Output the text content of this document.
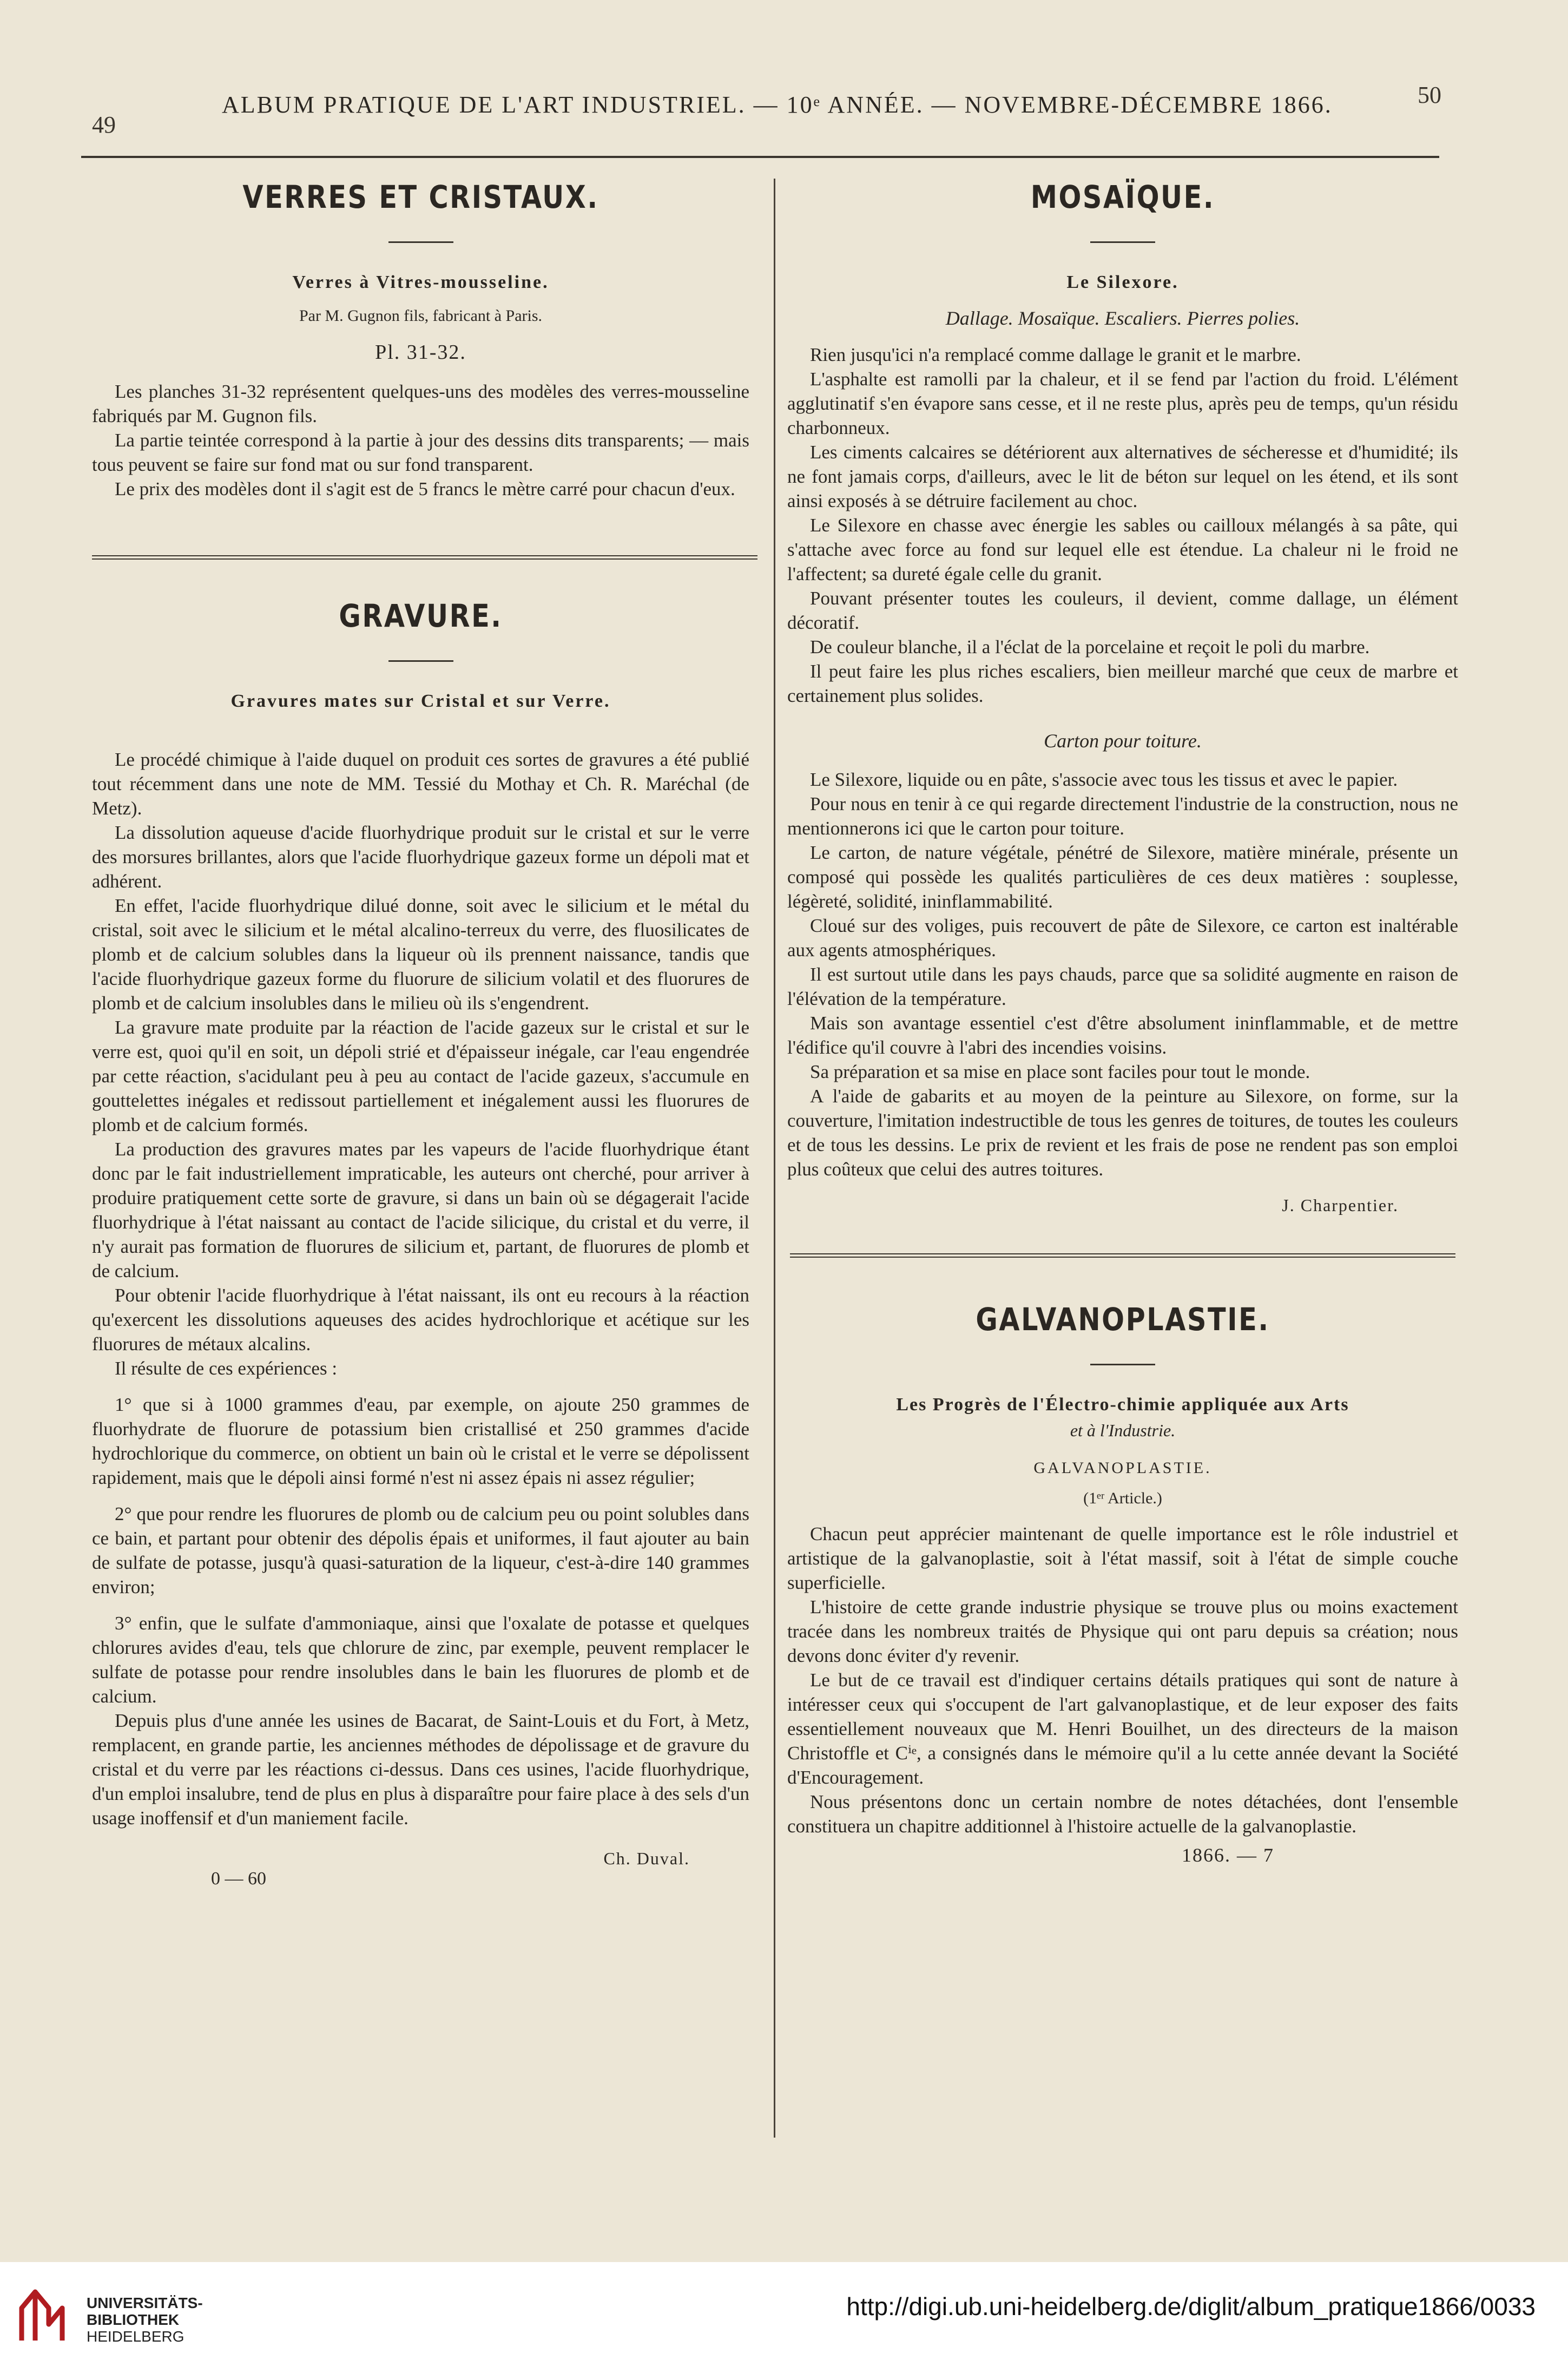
49
ALBUM PRATIQUE DE L'ART INDUSTRIEL. — 10ᵉ ANNÉE. — NOVEMBRE-DÉCEMBRE 1866.	50
VERRES ET CRISTAUX.
Verres à Vitres-mousseline.
Par M. Gugnon fils, fabricant à Paris.
Pl. 31-32.

Les planches 31-32 représentent quelques-uns des modèles des verres-mousseline fabriqués par M. Gugnon fils.

La partie teintée correspond à la partie à jour des dessins dits transparents; — mais tous peuvent se faire sur fond mat ou sur fond transparent.

Le prix des modèles dont il s'agit est de 5 francs le mètre carré pour chacun d'eux.

GRAVURE.
Gravures mates sur Cristal et sur Verre.

Le procédé chimique à l'aide duquel on produit ces sortes de gravures a été publié tout récemment dans une note de MM. Tessié du Mothay et Ch. R. Maréchal (de Metz).

La dissolution aqueuse d'acide fluorhydrique produit sur le cristal et sur le verre des morsures brillantes, alors que l'acide fluorhydrique gazeux forme un dépoli mat et adhérent.

En effet, l'acide fluorhydrique dilué donne, soit avec le silicium et le métal du cristal, soit avec le silicium et le métal alcalino-terreux du verre, des fluosilicates de plomb et de calcium solubles dans la liqueur où ils prennent naissance, tandis que l'acide fluorhydrique gazeux forme du fluorure de silicium volatil et des fluorures de plomb et de calcium insolubles dans le milieu où ils s'engendrent.

La gravure mate produite par la réaction de l'acide gazeux sur le cristal et sur le verre est, quoi qu'il en soit, un dépoli strié et d'épaisseur inégale, car l'eau engendrée par cette réaction, s'acidulant peu à peu au contact de l'acide gazeux, s'accumule en gouttelettes inégales et redissout partiellement et inégalement aussi les fluorures de plomb et de calcium formés.

La production des gravures mates par les vapeurs de l'acide fluorhydrique étant donc par le fait industriellement impraticable, les auteurs ont cherché, pour arriver à produire pratiquement cette sorte de gravure, si dans un bain où se dégagerait l'acide fluorhydrique à l'état naissant au contact de l'acide silicique, du cristal et du verre, il n'y aurait pas formation de fluorures de silicium et, partant, de fluorures de plomb et de calcium.

Pour obtenir l'acide fluorhydrique à l'état naissant, ils ont eu recours à la réaction qu'exercent les dissolutions aqueuses des acides hydrochlorique et acétique sur les fluorures de métaux alcalins.

Il résulte de ces expériences :

1° que si à 1000 grammes d'eau, par exemple, on ajoute 250 grammes de fluorhydrate de fluorure de potassium bien cristallisé et 250 grammes d'acide hydrochlorique du commerce, on obtient un bain où le cristal et le verre se dépolissent rapidement, mais que le dépoli ainsi formé n'est ni assez épais ni assez régulier;

2° que pour rendre les fluorures de plomb ou de calcium peu ou point solubles dans ce bain, et partant pour obtenir des dépolis épais et uniformes, il faut ajouter au bain de sulfate de potasse, jusqu'à quasi-saturation de la liqueur, c'est-à-dire 140 grammes environ;

3° enfin, que le sulfate d'ammoniaque, ainsi que l'oxalate de potasse et quelques chlorures avides d'eau, tels que chlorure de zinc, par exemple, peuvent remplacer le sulfate de potasse pour rendre insolubles dans le bain les fluorures de plomb et de calcium.

Depuis plus d'une année les usines de Bacarat, de Saint-Louis et du Fort, à Metz, remplacent, en grande partie, les anciennes méthodes de dépolissage et de gravure du cristal et du verre par les réactions ci-dessus. Dans ces usines, l'acide fluorhydrique, d'un emploi insalubre, tend de plus en plus à disparaître pour faire place à des sels d'un usage inoffensif et d'un maniement facile.

Ch. Duval.
0 — 60
MOSAÏQUE.
Le Silexore.
Dallage. Mosaïque. Escaliers. Pierres polies.

Rien jusqu'ici n'a remplacé comme dallage le granit et le marbre.

L'asphalte est ramolli par la chaleur, et il se fend par l'action du froid. L'élément agglutinatif s'en évapore sans cesse, et il ne reste plus, après peu de temps, qu'un résidu charbonneux.

Les ciments calcaires se détériorent aux alternatives de sécheresse et d'humidité; ils ne font jamais corps, d'ailleurs, avec le lit de béton sur lequel on les étend, et ils sont ainsi exposés à se détruire facilement au choc.

Le Silexore en chasse avec énergie les sables ou cailloux mélangés à sa pâte, qui s'attache avec force au fond sur lequel elle est étendue. La chaleur ni le froid ne l'affectent; sa dureté égale celle du granit.

Pouvant présenter toutes les couleurs, il devient, comme dallage, un élément décoratif.

De couleur blanche, il a l'éclat de la porcelaine et reçoit le poli du marbre.

Il peut faire les plus riches escaliers, bien meilleur marché que ceux de marbre et certainement plus solides.

Carton pour toiture.

Le Silexore, liquide ou en pâte, s'associe avec tous les tissus et avec le papier.

Pour nous en tenir à ce qui regarde directement l'industrie de la construction, nous ne mentionnerons ici que le carton pour toiture.

Le carton, de nature végétale, pénétré de Silexore, matière minérale, présente un composé qui possède les qualités particulières de ces deux matières : souplesse, légèreté, solidité, ininflammabilité.

Cloué sur des voliges, puis recouvert de pâte de Silexore, ce carton est inaltérable aux agents atmosphériques.

Il est surtout utile dans les pays chauds, parce que sa solidité augmente en raison de l'élévation de la température.

Mais son avantage essentiel c'est d'être absolument ininflammable, et de mettre l'édifice qu'il couvre à l'abri des incendies voisins.

Sa préparation et sa mise en place sont faciles pour tout le monde.

A l'aide de gabarits et au moyen de la peinture au Silexore, on forme, sur la couverture, l'imitation indestructible de tous les genres de toitures, de toutes les couleurs et de tous les dessins. Le prix de revient et les frais de pose ne rendent pas son emploi plus coûteux que celui des autres toitures.

J. Charpentier.
GALVANOPLASTIE.
Les Progrès de l'Électro-chimie appliquée aux Arts
et à l'Industrie.
GALVANOPLASTIE.
(1ᵉʳ Article.)

Chacun peut apprécier maintenant de quelle importance est le rôle industriel et artistique de la galvanoplastie, soit à l'état massif, soit à l'état de simple couche superficielle.

L'histoire de cette grande industrie physique se trouve plus ou moins exactement tracée dans les nombreux traités de Physique qui ont paru depuis sa création; nous devons donc éviter d'y revenir.

Le but de ce travail est d'indiquer certains détails pratiques qui sont de nature à intéresser ceux qui s'occupent de l'art galvanoplastique, et de leur exposer des faits essentiellement nouveaux que M. Henri Bouilhet, un des directeurs de la maison Christoffle et Cⁱᵉ, a consignés dans le mémoire qu'il a lu cette année devant la Société d'Encouragement.

Nous présentons donc un certain nombre de notes détachées, dont l'ensemble constituera un chapitre additionnel à l'histoire actuelle de la galvanoplastie.

1866. — 7
UNIVERSITÄTS-
BIBLIOTHEK
HEIDELBERG
http://digi.ub.uni-heidelberg.de/diglit/album_pratique1866/0033
